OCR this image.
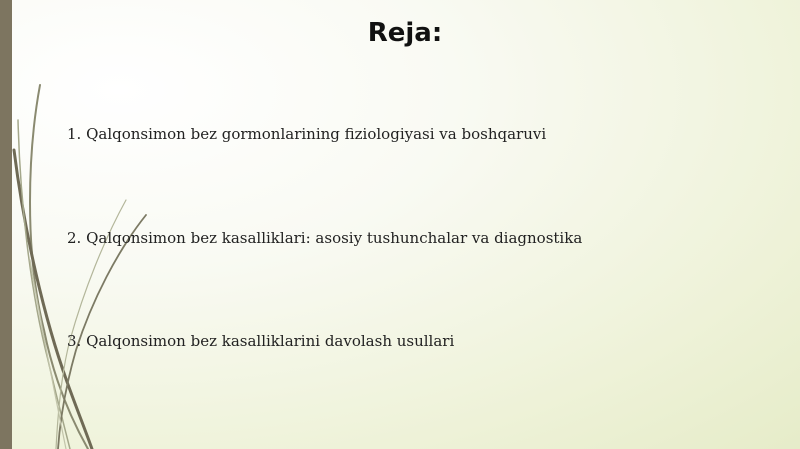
Reja:
1. Qalqonsimon bez gormonlarining fiziologiyasi va boshqaruvi
2. Qalqonsimon bez kasalliklari: asosiy tushunchalar va diagnostika
3. Qalqonsimon bez kasalliklarini davolash usullari
